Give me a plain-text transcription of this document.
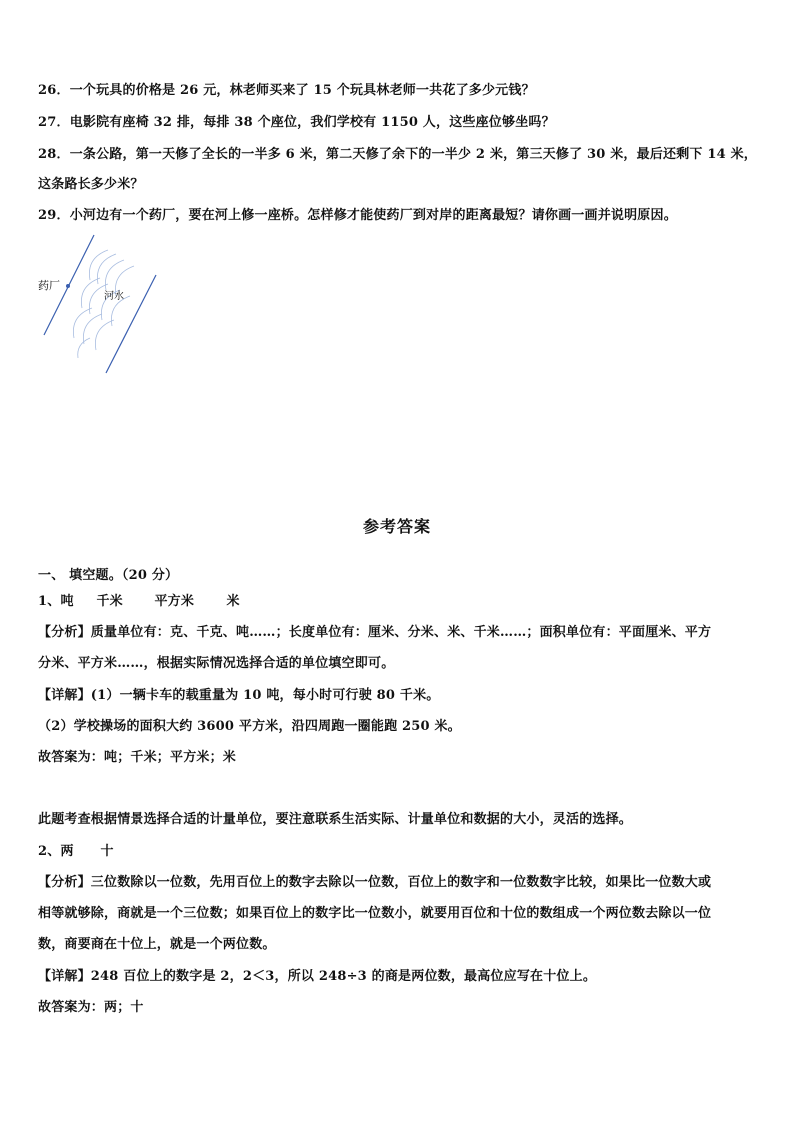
26．一个玩具的价格是 26 元，林老师买来了 15 个玩具林老师一共花了多少元钱？
27．电影院有座椅 32 排，每排 38 个座位，我们学校有 1150 人，这些座位够坐吗？
28．一条公路，第一天修了全长的一半多 6 米，第二天修了余下的一半少 2 米，第三天修了 30 米，最后还剩下 14 米，
这条路长多少米？
29．小河边有一个药厂，要在河上修一座桥。怎样修才能使药厂到对岸的距离最短？请你画一画并说明原因。
药厂
河水
参考答案
一、 填空题。（20 分）
1、吨 千米 平方米 米
【分析】质量单位有：克、千克、吨……；长度单位有：厘米、分米、米、千米……；面积单位有：平面厘米、平方
分米、平方米……，根据实际情况选择合适的单位填空即可。
【详解】(1）一辆卡车的载重量为 10 吨，每小时可行驶 80 千米。
（2）学校操场的面积大约 3600 平方米，沿四周跑一圈能跑 250 米。
故答案为：吨；千米；平方米；米
此题考查根据情景选择合适的计量单位，要注意联系生活实际、计量单位和数据的大小，灵活的选择。
2、两 十
【分析】三位数除以一位数，先用百位上的数字去除以一位数，百位上的数字和一位数数字比较，如果比一位数大或
相等就够除，商就是一个三位数；如果百位上的数字比一位数小，就要用百位和十位的数组成一个两位数去除以一位
数，商要商在十位上，就是一个两位数。
【详解】248 百位上的数字是 2，2＜3，所以 248÷3 的商是两位数，最高位应写在十位上。
故答案为：两；十
